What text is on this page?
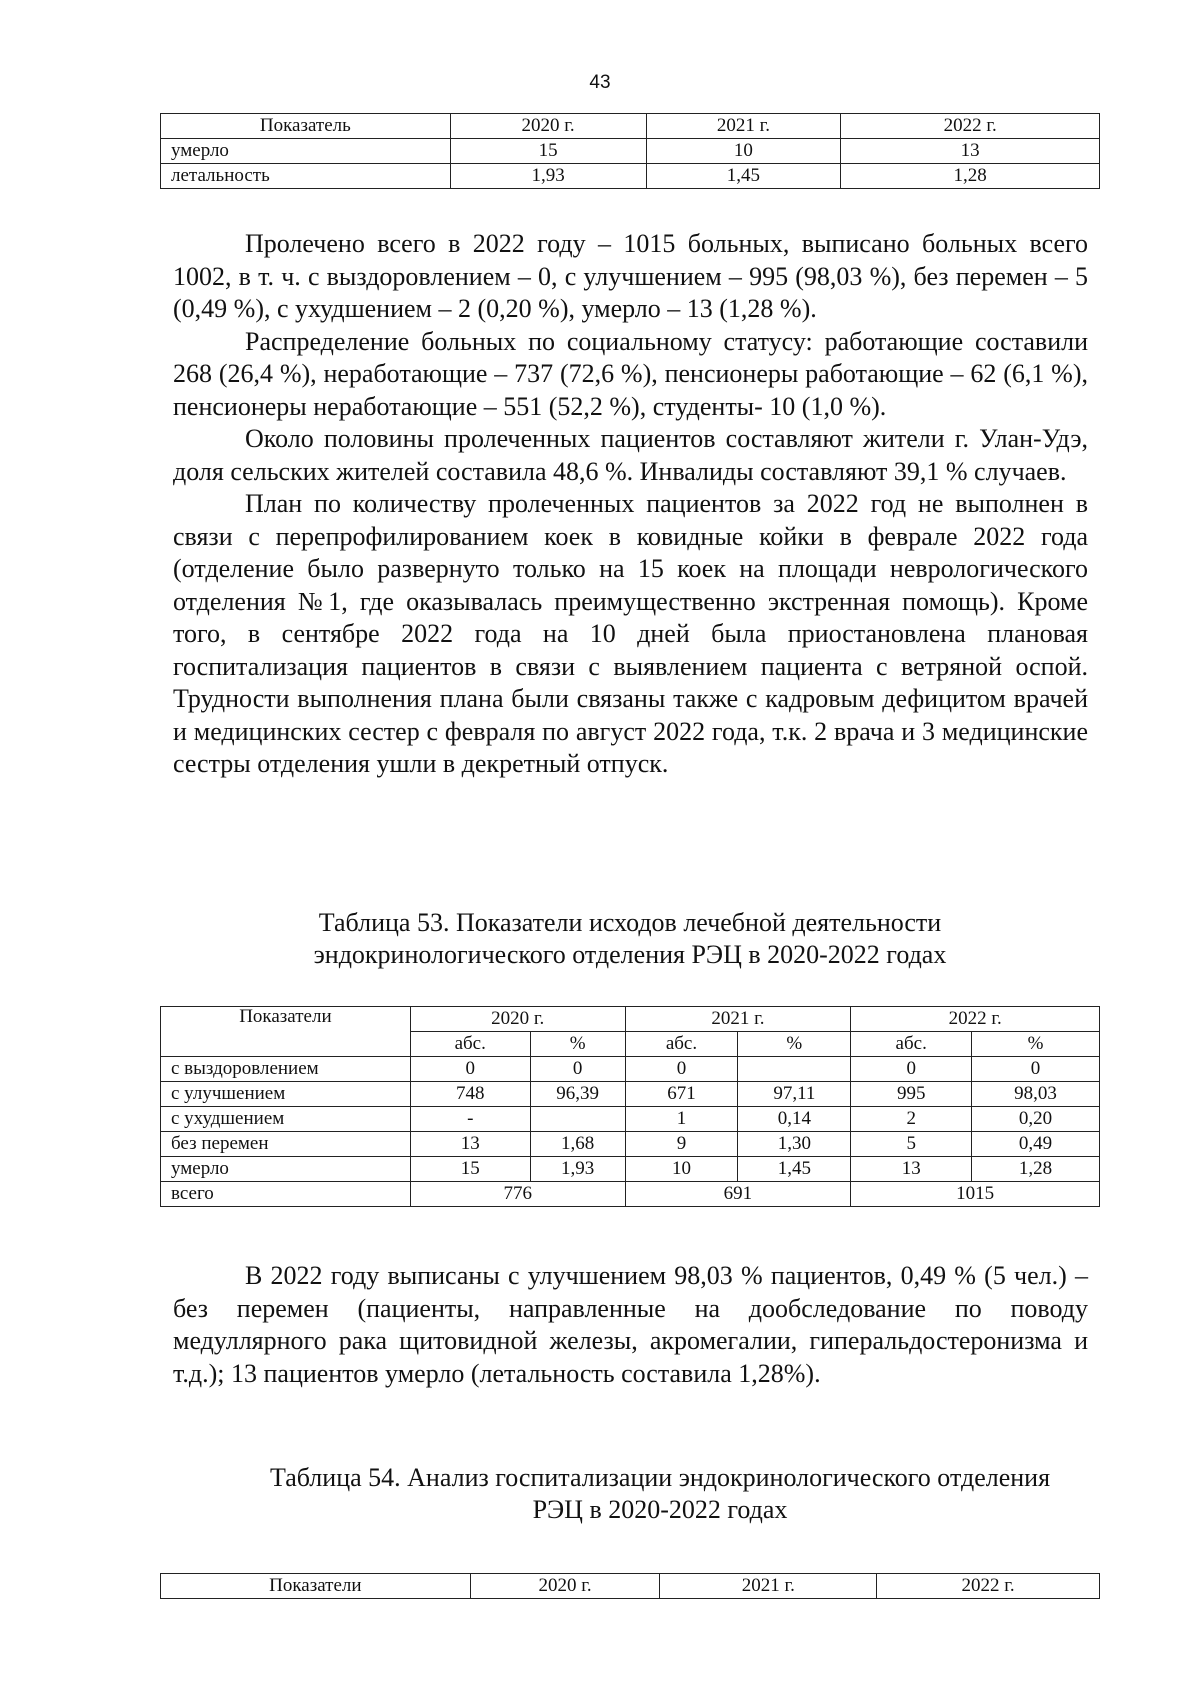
43
Показатель	2020 г.	2021 г.	2022 г.
умерло	15	10	13
летальность	1,93	1,45	1,28

Пролечено всего в 2022 году – 1015 больных, выписано больных всего 1002, в т. ч. с выздоровлением – 0, с улучшением – 995 (98,03 %), без перемен – 5 (0,49 %), с ухудшением – 2 (0,20 %), умерло – 13 (1,28 %).

Распределение больных по социальному статусу: работающие составили 268 (26,4 %), неработающие – 737 (72,6 %), пенсионеры работающие – 62 (6,1 %), пенсионеры неработающие – 551 (52,2 %), студенты- 10 (1,0 %).

Около половины пролеченных пациентов составляют жители г. Улан-Удэ, доля сельских жителей составила 48,6 %. Инвалиды составляют 39,1 % случаев.

План по количеству пролеченных пациентов за 2022 год не выполнен в связи с перепрофилированием коек в ковидные койки в феврале 2022 года (отделение было развернуто только на 15 коек на площади неврологического отделения №1, где оказывалась преимущественно экстренная помощь). Кроме того, в сентябре 2022 года на 10 дней была приостановлена плановая госпитализация пациентов в связи с выявлением пациента с ветряной оспой. Трудности выполнения плана были связаны также с кадровым дефицитом врачей и медицинских сестер с февраля по август 2022 года, т.к. 2 врача и 3 медицинские сестры отделения ушли в декретный отпуск.

Таблица 53. Показатели исходов лечебной деятельности
эндокринологического отделения РЭЦ в 2020-2022 годах
Показатели	2020 г.		2021 г.		2022 г.	
	абс.	%	абс.	%	абс.	%
с выздоровлением	0	0	0		0	0
с улучшением	748	96,39	671	97,11	995	98,03
с ухудшением	-		1	0,14	2	0,20
без перемен	13	1,68	9	1,30	5	0,49
умерло	15	1,93	10	1,45	13	1,28
всего	776		691		1015	

В 2022 году выписаны с улучшением 98,03 % пациентов, 0,49 % (5 чел.) – без перемен (пациенты, направленные на дообследование по поводу медуллярного рака щитовидной железы, акромегалии, гиперальдостеронизма и т.д.); 13 пациентов умерло (летальность составила 1,28%).

Таблица 54. Анализ госпитализации эндокринологического отделения
РЭЦ в 2020-2022 годах
Показатели	2020 г.	2021 г.	2022 г.
